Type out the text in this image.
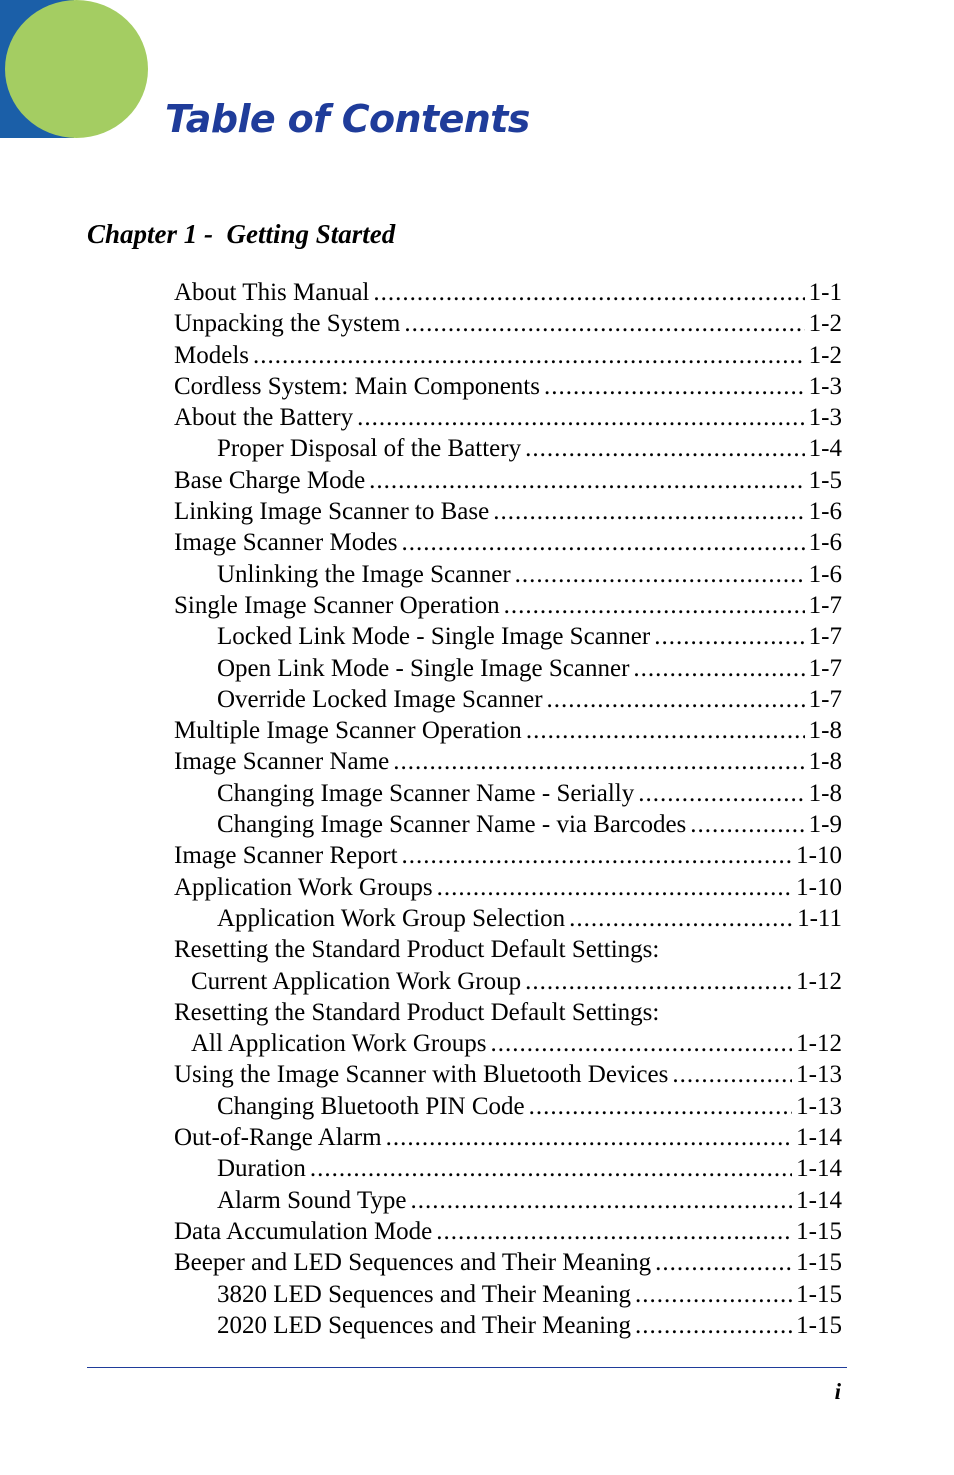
Table of Contents
Chapter 1 -  Getting Started
About This Manual .....	1-1
Unpacking the System .....	1-2
Models .....	1-2
Cordless System: Main Components .....	1-3
About the Battery .....	1-3
Proper Disposal of the Battery .....	1-4
Base Charge Mode .....	1-5
Linking Image Scanner to Base .....	1-6
Image Scanner Modes .....	1-6
Unlinking the Image Scanner .....	1-6
Single Image Scanner Operation .....	1-7
Locked Link Mode - Single Image Scanner .....	1-7
Open Link Mode - Single Image Scanner .....	1-7
Override Locked Image Scanner .....	1-7
Multiple Image Scanner Operation .....	1-8
Image Scanner Name .....	1-8
Changing Image Scanner Name - Serially .....	1-8
Changing Image Scanner Name - via Barcodes .....	1-9
Image Scanner Report .....	1-10
Application Work Groups .....	1-10
Application Work Group Selection .....	1-11
Resetting the Standard Product Default Settings:
Current Application Work Group .....	1-12
Resetting the Standard Product Default Settings:
All Application Work Groups .....	1-12
Using the Image Scanner with Bluetooth Devices .....	1-13
Changing Bluetooth PIN Code .....	1-13
Out-of-Range Alarm .....	1-14
Duration .....	1-14
Alarm Sound Type .....	1-14
Data Accumulation Mode .....	1-15
Beeper and LED Sequences and Their Meaning .....	1-15
3820 LED Sequences and Their Meaning .....	1-15
2020 LED Sequences and Their Meaning .....	1-15
i
